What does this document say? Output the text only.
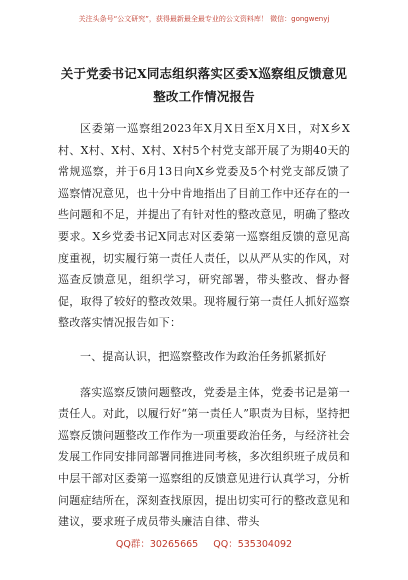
关注头条号“公文研究”，获得最新最全最专业的公文资料库！ 微信：gongwenyj
关于党委书记X同志组织落实区委X巡察组反馈意见整改工作情况报告

区委第一巡察组2023年X月X日至X月X日，对X乡X村、X村、X村、X村、X村5个村党支部开展了为期40天的常规巡察，并于6月13日向X乡党委及5个村党支部反馈了巡察情况意见，也十分中肯地指出了目前工作中还存在的一些问题和不足，并提出了有针对性的整改意见，明确了整改要求。X乡党委书记X同志对区委第一巡察组反馈的意见高度重视，切实履行第一责任人责任，以从严从实的作风，对巡查反馈意见，组织学习，研究部署，带头整改、督办督促，取得了较好的整改效果。现将履行第一责任人抓好巡察整改落实情况报告如下：

一、提高认识，把巡察整改作为政治任务抓紧抓好

落实巡察反馈问题整改，党委是主体，党委书记是第一责任人。对此，以履行好“第一责任人”职责为目标，坚持把巡察反馈问题整改工作作为一项重要政治任务，与经济社会发展工作同安排同部署同推进同考核，多次组织班子成员和中层干部对区委第一巡察组的反馈意见进行认真学习，分析问题症结所在，深刻查找原因，提出切实可行的整改意见和建议，要求班子成员带头廉洁自律、带头

QQ群：30265665 QQ：535304092
